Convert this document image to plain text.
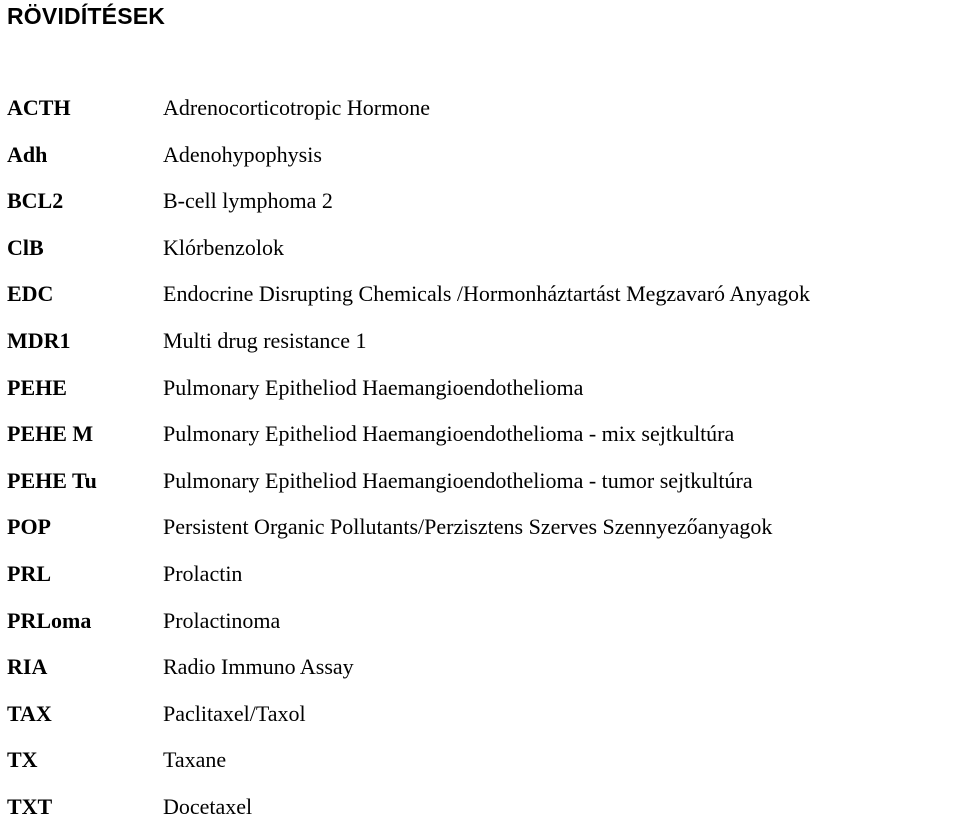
RÖVIDÍTÉSEK
ACTH	Adrenocorticotropic Hormone
Adh	Adenohypophysis
BCL2	B-cell lymphoma 2
ClB	Klórbenzolok
EDC	Endocrine Disrupting Chemicals /Hormonháztartást Megzavaró Anyagok
MDR1	Multi drug resistance 1
PEHE	Pulmonary Epitheliod Haemangioendothelioma
PEHE M	Pulmonary Epitheliod Haemangioendothelioma - mix sejtkultúra
PEHE Tu	Pulmonary Epitheliod Haemangioendothelioma - tumor sejtkultúra
POP	Persistent Organic Pollutants/Perzisztens Szerves Szennyezőanyagok
PRL	Prolactin
PRLoma	Prolactinoma
RIA	Radio Immuno Assay
TAX	Paclitaxel/Taxol
TX	Taxane
TXT	Docetaxel
